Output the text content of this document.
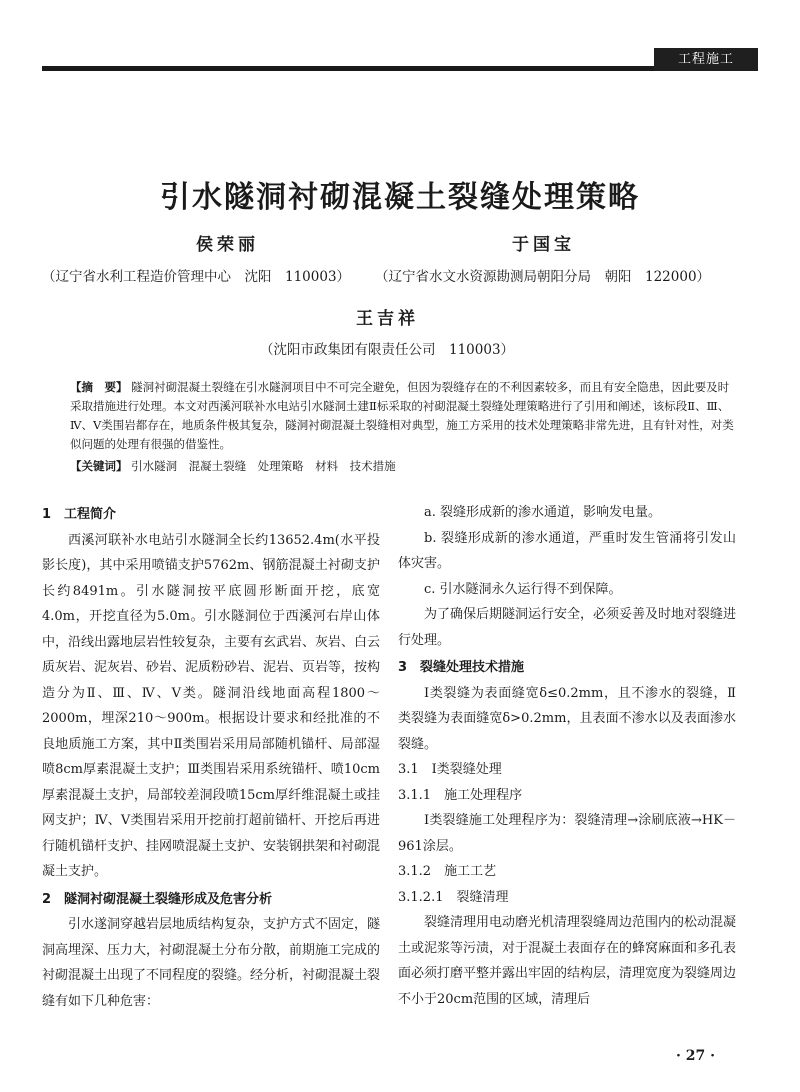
工程施工
引水隧洞衬砌混凝土裂缝处理策略
侯荣丽
（辽宁省水利工程造价管理中心　沈阳　110003）
于国宝
（辽宁省水文水资源勘测局朝阳分局　朝阳　122000）
王吉祥
（沈阳市政集团有限责任公司　110003）
【摘　要】 隧洞衬砌混凝土裂缝在引水隧洞项目中不可完全避免，但因为裂缝存在的不利因素较多，而且有安全隐患，因此要及时采取措施进行处理。本文对西溪河联补水电站引水隧洞土建Ⅱ标采取的衬砌混凝土裂缝处理策略进行了引用和阐述，该标段Ⅱ、Ⅲ、Ⅳ、Ⅴ类围岩都存在，地质条件极其复杂，隧洞衬砌混凝土裂缝相对典型，施工方采用的技术处理策略非常先进，且有针对性，对类似问题的处理有很强的借鉴性。
【关键词】 引水隧洞　混凝土裂缝　处理策略　材料　技术措施
1　工程简介

西溪河联补水电站引水隧洞全长约13652.4m(水平投影长度)，其中采用喷锚支护5762m、钢筋混凝土衬砌支护长约8491m。引水隧洞按平底圆形断面开挖，底宽4.0m，开挖直径为5.0m。引水隧洞位于西溪河右岸山体中，沿线出露地层岩性较复杂，主要有玄武岩、灰岩、白云质灰岩、泥灰岩、砂岩、泥质粉砂岩、泥岩、页岩等，按构造分为Ⅱ、Ⅲ、Ⅳ、Ⅴ类。隧洞沿线地面高程1800～2000m，埋深210～900m。根据设计要求和经批准的不良地质施工方案，其中Ⅱ类围岩采用局部随机锚杆、局部湿喷8cm厚素混凝土支护；Ⅲ类围岩采用系统锚杆、喷10cm厚素混凝土支护，局部较差洞段喷15cm厚纤维混凝土或挂网支护；Ⅳ、Ⅴ类围岩采用开挖前打超前锚杆、开挖后再进行随机锚杆支护、挂网喷混凝土支护、安装钢拱架和衬砌混凝土支护。

2　隧洞衬砌混凝土裂缝形成及危害分析

引水遂洞穿越岩层地质结构复杂，支护方式不固定，隧洞高埋深、压力大，衬砌混凝土分布分散，前期施工完成的衬砌混凝土出现了不同程度的裂缝。经分析，衬砌混凝土裂缝有如下几种危害：

a. 裂缝形成新的渗水通道，影响发电量。

b. 裂缝形成新的渗水通道，严重时发生管涌将引发山体灾害。

c. 引水隧洞永久运行得不到保障。

为了确保后期隧洞运行安全，必须妥善及时地对裂缝进行处理。

3　裂缝处理技术措施

Ⅰ类裂缝为表面缝宽δ≤0.2mm，且不渗水的裂缝，Ⅱ类裂缝为表面缝宽δ>0.2mm，且表面不渗水以及表面渗水裂缝。

3.1　Ⅰ类裂缝处理
3.1.1　施工处理程序

Ⅰ类裂缝施工处理程序为：裂缝清理→涂刷底液→HK－961涂层。

3.1.2　施工工艺
3.1.2.1　裂缝清理

裂缝清理用电动磨光机清理裂缝周边范围内的松动混凝土或泥浆等污渍，对于混凝土表面存在的蜂窝麻面和多孔表面必须打磨平整并露出牢固的结构层，清理宽度为裂缝周边不小于20cm范围的区域，清理后

· 27 ·
